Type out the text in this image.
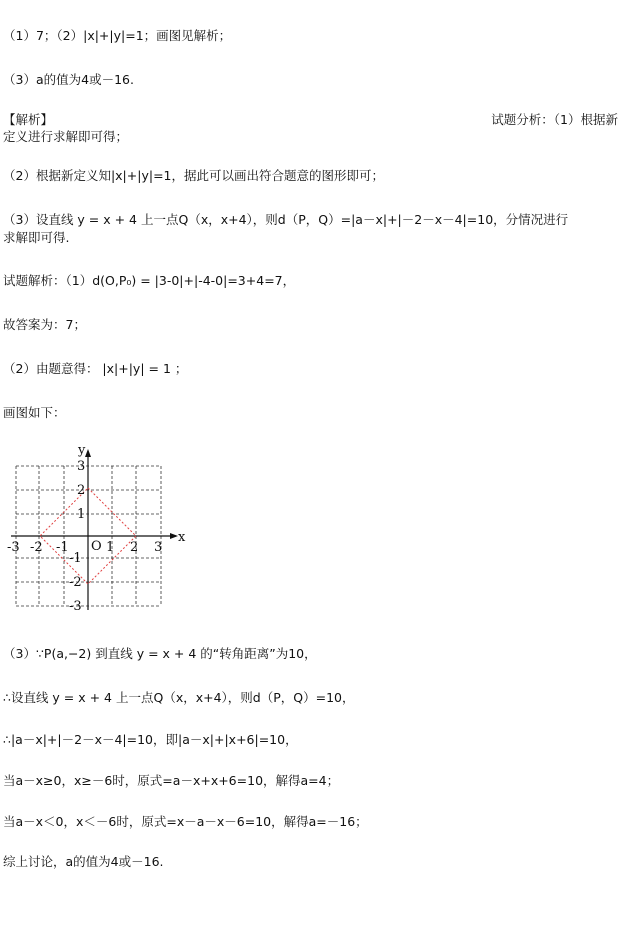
（1）7；（2）|x|+|y|=1；画图见解析；
（3）a的值为4或－16.
【解析】	试题分析：（1）根据新
定义进行求解即可得；
（2）根据新定义知|x|+|y|=1，据此可以画出符合题意的图形即可；
（3）设直线 y = x + 4 上一点Q（x，x+4），则d（P，Q）=|a－x|+|－2－x－4|=10，分情况进行
求解即可得.
试题解析：（1）d(O,P₀) = |3-0|+|-4-0|=3+4=7，
故答案为：7；
（2）由题意得： |x|+|y| = 1 ；
画图如下：
x
y
O
-3 -2 -1	1 2 3
3
2
1
-1
-2
-3
（3）∵P(a,−2) 到直线 y = x + 4 的“转角距离”为10，
∴设直线 y = x + 4 上一点Q（x，x+4），则d（P，Q）=10，
∴|a－x|+|－2－x－4|=10，即|a－x|+|x+6|=10，
当a－x≥0，x≥－6时，原式=a－x+x+6=10，解得a=4；
当a－x＜0，x＜－6时，原式=x－a－x－6=10，解得a=－16；
综上讨论，a的值为4或－16.
